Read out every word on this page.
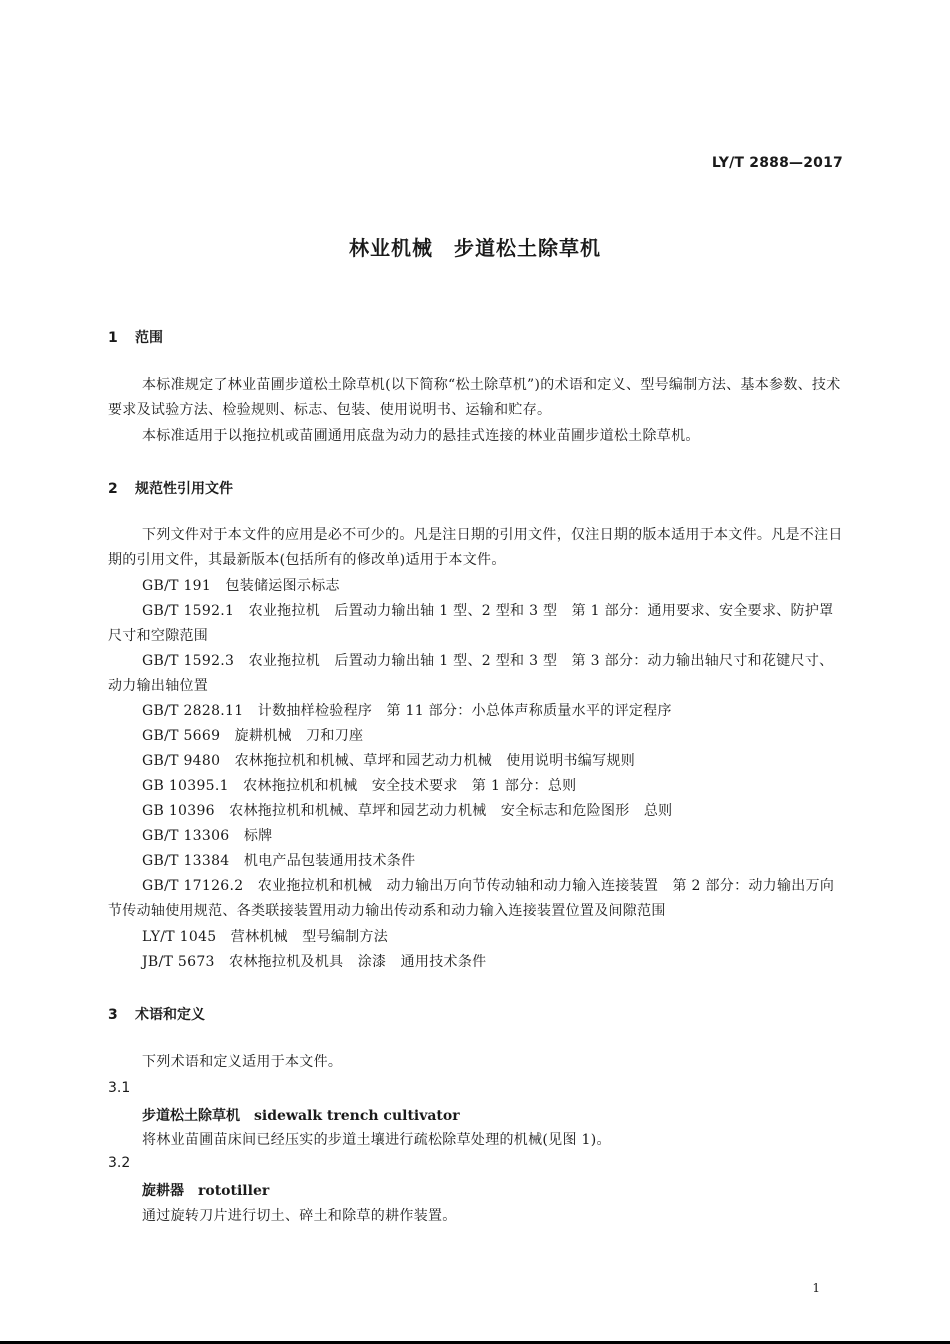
LY/T 2888—2017
林业机械　步道松土除草机
1 范围
本标准规定了林业苗圃步道松土除草机(以下简称“松土除草机”)的术语和定义、型号编制方法、基本参数、技术要求及试验方法、检验规则、标志、包装、使用说明书、运输和贮存。
本标准适用于以拖拉机或苗圃通用底盘为动力的悬挂式连接的林业苗圃步道松土除草机。
2 规范性引用文件
下列文件对于本文件的应用是必不可少的。凡是注日期的引用文件，仅注日期的版本适用于本文件。凡是不注日期的引用文件，其最新版本(包括所有的修改单)适用于本文件。
GB/T 191　包装储运图示标志
GB/T 1592.1　农业拖拉机　后置动力输出轴 1 型、2 型和 3 型　第 1 部分：通用要求、安全要求、防护罩尺寸和空隙范围
GB/T 1592.3　农业拖拉机　后置动力输出轴 1 型、2 型和 3 型　第 3 部分：动力输出轴尺寸和花键尺寸、动力输出轴位置
GB/T 2828.11　计数抽样检验程序　第 11 部分：小总体声称质量水平的评定程序
GB/T 5669　旋耕机械　刀和刀座
GB/T 9480　农林拖拉机和机械、草坪和园艺动力机械　使用说明书编写规则
GB 10395.1　农林拖拉机和机械　安全技术要求　第 1 部分：总则
GB 10396　农林拖拉机和机械、草坪和园艺动力机械　安全标志和危险图形　总则
GB/T 13306　标牌
GB/T 13384　机电产品包装通用技术条件
GB/T 17126.2　农业拖拉机和机械　动力输出万向节传动轴和动力输入连接装置　第 2 部分：动力输出万向节传动轴使用规范、各类联接装置用动力输出传动系和动力输入连接装置位置及间隙范围
LY/T 1045　营林机械　型号编制方法
JB/T 5673　农林拖拉机及机具　涂漆　通用技术条件
3 术语和定义
下列术语和定义适用于本文件。
3.1
步道松土除草机 sidewalk trench cultivator
将林业苗圃苗床间已经压实的步道土壤进行疏松除草处理的机械(见图 1)。
3.2
旋耕器 rototiller
通过旋转刀片进行切土、碎土和除草的耕作装置。
1
